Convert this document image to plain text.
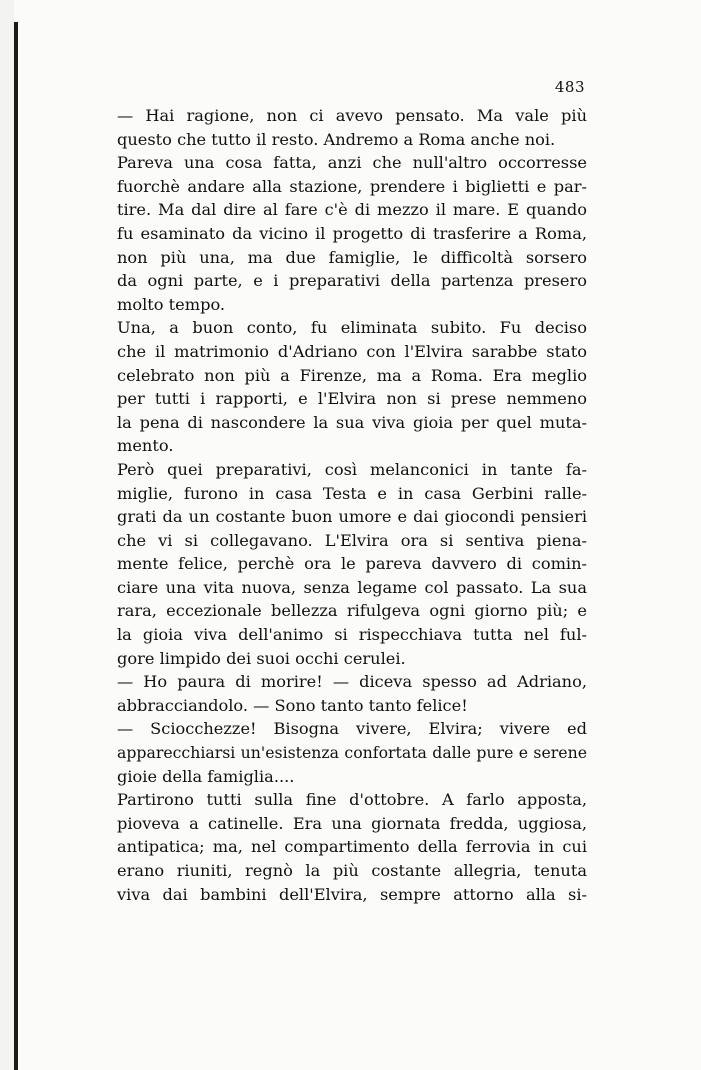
483

— Hai ragione, non ci avevo pensato. Ma vale più
questo che tutto il resto. Andremo a Roma anche noi.

Pareva una cosa fatta, anzi che null'altro occorresse
fuorchè andare alla stazione, prendere i biglietti e par-
tire. Ma dal dire al fare c'è di mezzo il mare. E quando
fu esaminato da vicino il progetto di trasferire a Roma,
non più una, ma due famiglie, le difficoltà sorsero
da ogni parte, e i preparativi della partenza presero
molto tempo.

Una, a buon conto, fu eliminata subito. Fu deciso
che il matrimonio d'Adriano con l'Elvira sarabbe stato
celebrato non più a Firenze, ma a Roma. Era meglio
per tutti i rapporti, e l'Elvira non si prese nemmeno
la pena di nascondere la sua viva gioia per quel muta-
mento.

Però quei preparativi, così melanconici in tante fa-
miglie, furono in casa Testa e in casa Gerbini ralle-
grati da un costante buon umore e dai giocondi pensieri
che vi si collegavano. L'Elvira ora si sentiva piena-
mente felice, perchè ora le pareva davvero di comin-
ciare una vita nuova, senza legame col passato. La sua
rara, eccezionale bellezza rifulgeva ogni giorno più; e
la gioia viva dell'animo si rispecchiava tutta nel ful-
gore limpido dei suoi occhi cerulei.

— Ho paura di morire! — diceva spesso ad Adriano,
abbracciandolo. — Sono tanto tanto felice!

— Sciocchezze! Bisogna vivere, Elvira; vivere ed
apparecchiarsi un'esistenza confortata dalle pure e serene
gioie della famiglia....

Partirono tutti sulla fine d'ottobre. A farlo apposta,
pioveva a catinelle. Era una giornata fredda, uggiosa,
antipatica; ma, nel compartimento della ferrovia in cui
erano riuniti, regnò la più costante allegria, tenuta
viva dai bambini dell'Elvira, sempre attorno alla si-
